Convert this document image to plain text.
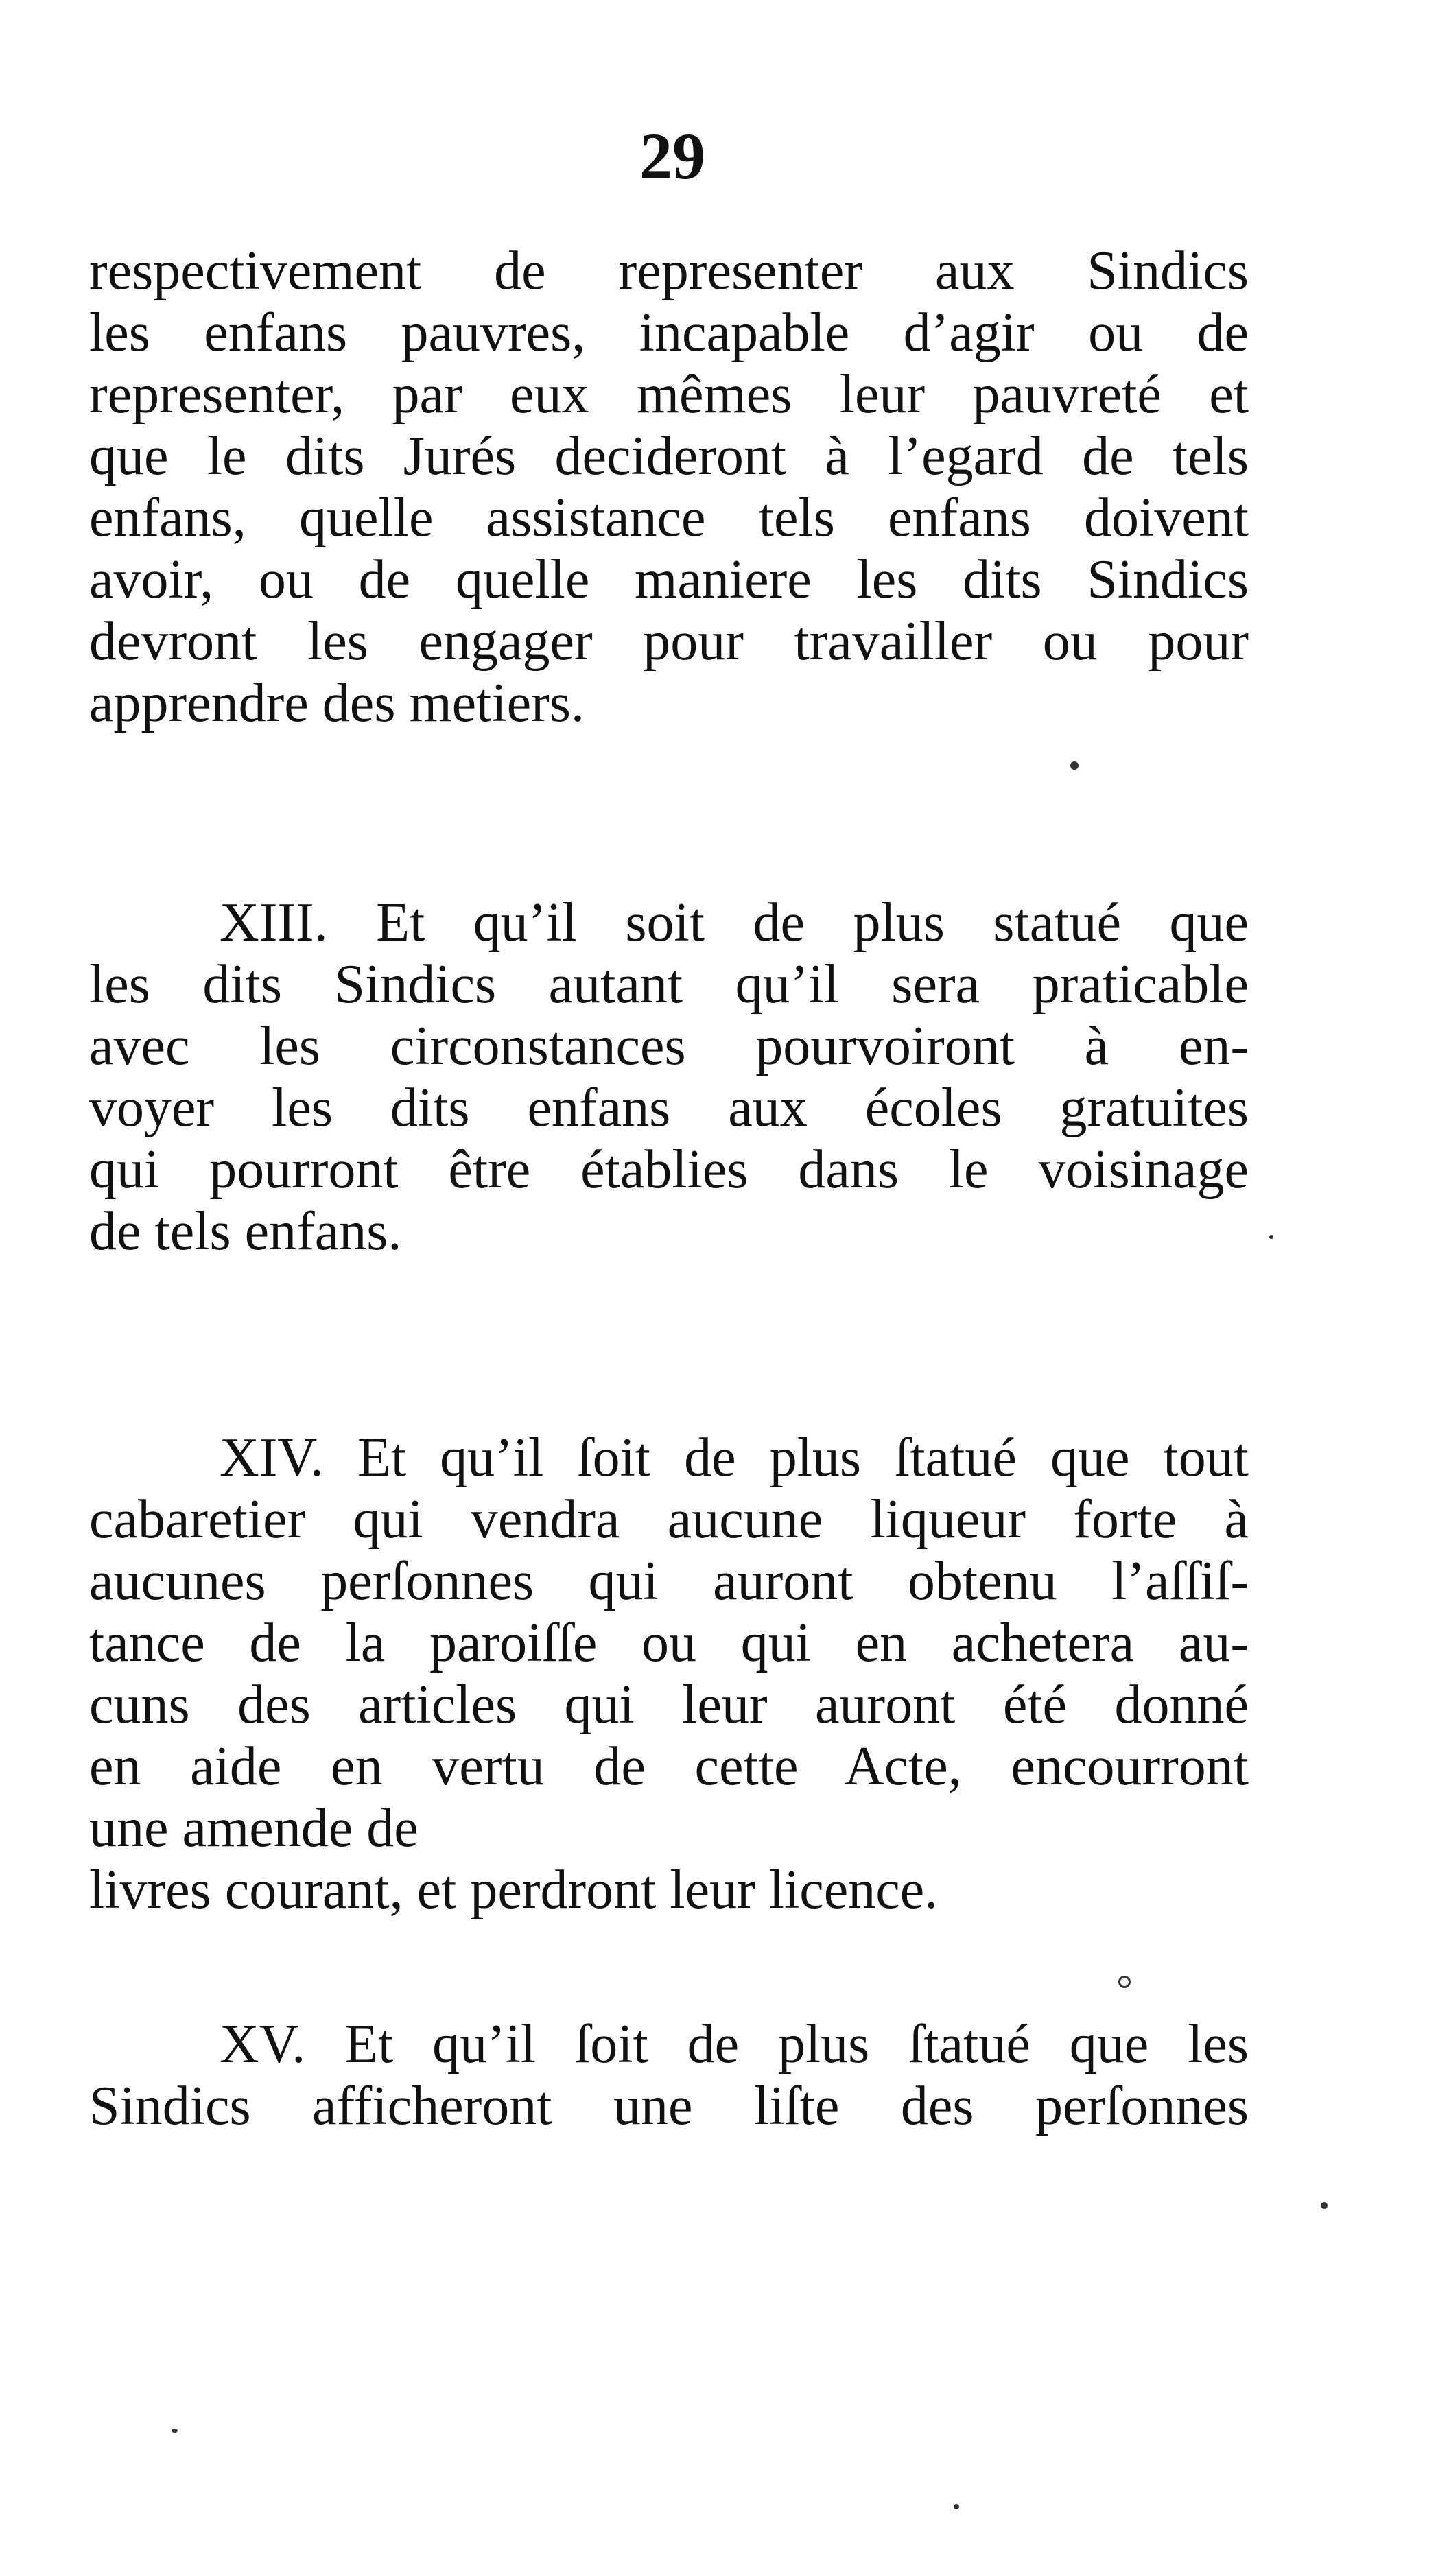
29
respectivement de representer aux Sindics
les enfans pauvres, incapable d’agir ou de
representer, par eux mêmes leur pauvreté et
que le dits Jurés decideront à l’egard de tels
enfans, quelle assistance tels enfans doivent
avoir, ou de quelle maniere les dits Sindics
devront les engager pour travailler ou pour
apprendre des metiers.
XIII. Et qu’il soit de plus statué que
les dits Sindics autant qu’il sera praticable
avec les circonstances pourvoiront à en-
voyer les dits enfans aux écoles gratuites
qui pourront être établies dans le voisinage
de tels enfans.
XIV. Et qu’il ſoit de plus ſtatué que tout
cabaretier qui vendra aucune liqueur forte à
aucunes perſonnes qui auront obtenu l’aſſiſ-
tance de la paroiſſe ou qui en achetera au-
cuns des articles qui leur auront été donné
en aide en vertu de cette Acte, encourront
une amende de
livres courant, et perdront leur licence.
XV. Et qu’il ſoit de plus ſtatué que les
Sindics afficheront une liſte des perſonnes
